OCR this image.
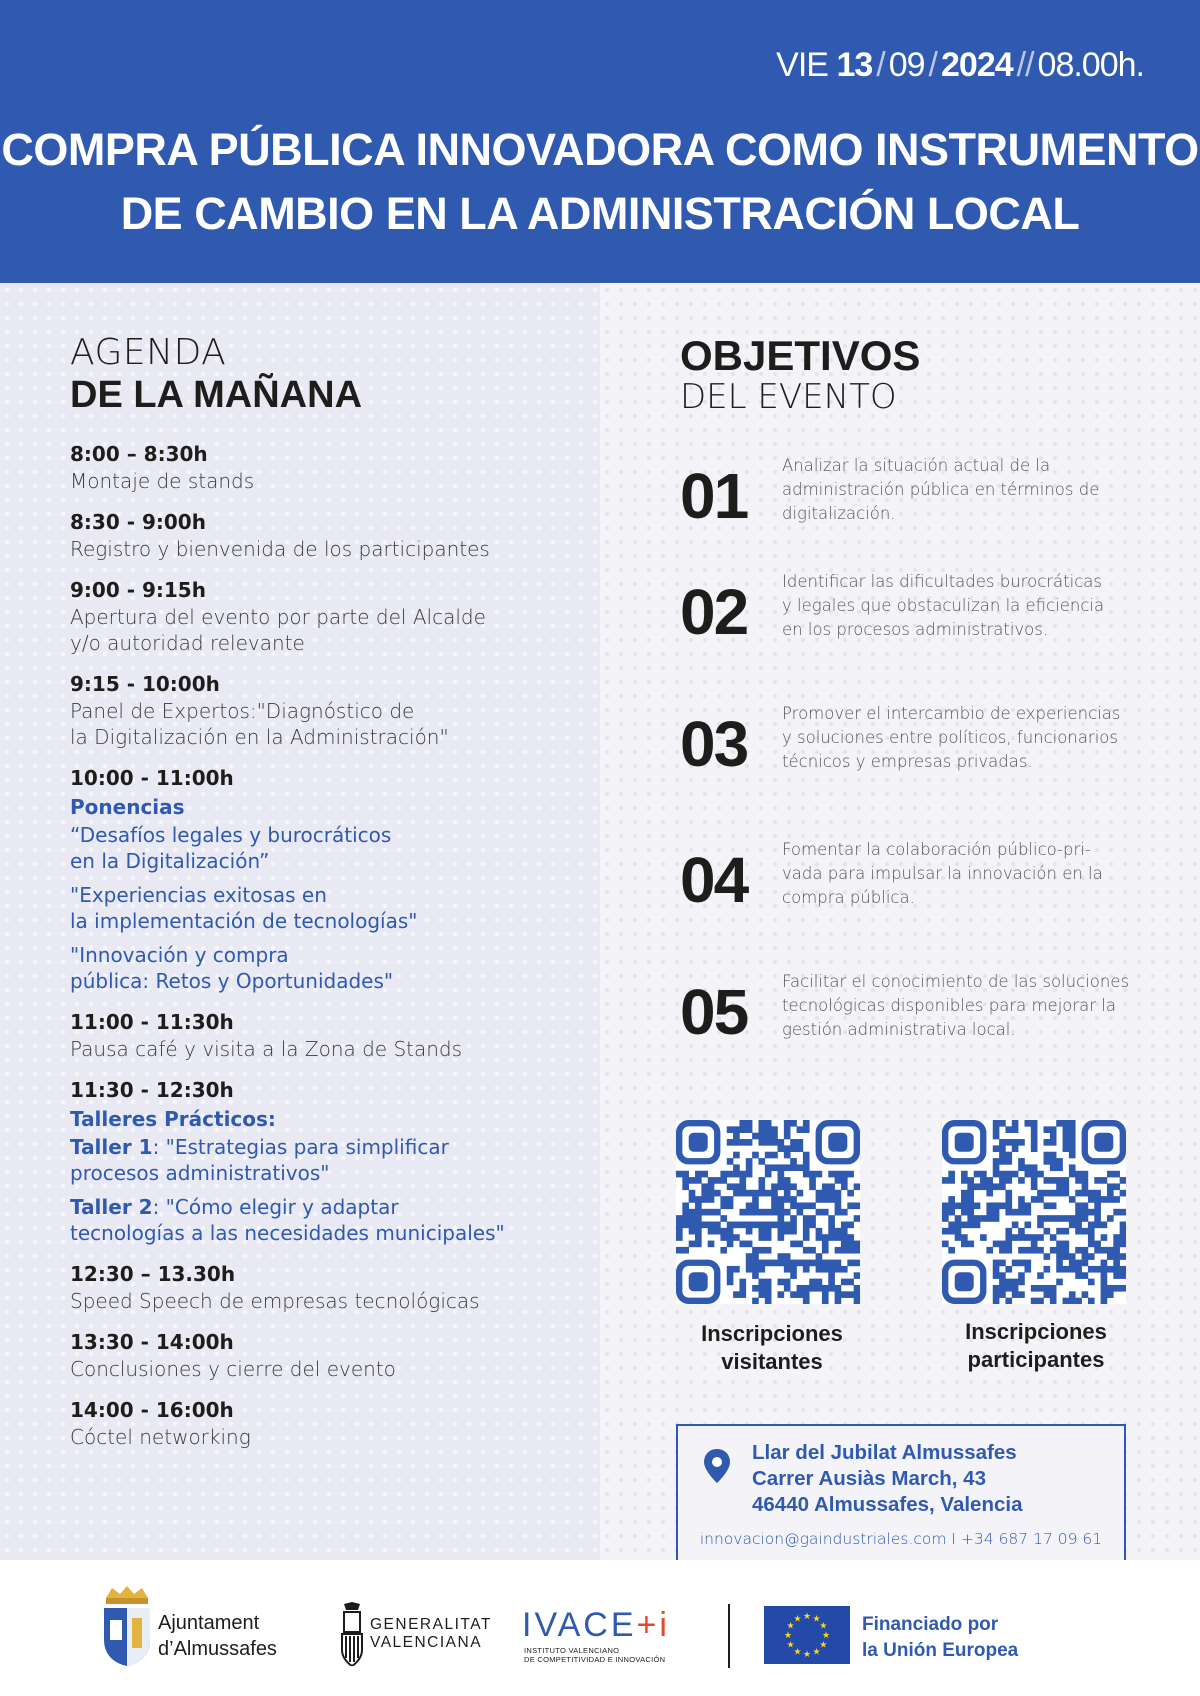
VIE 13 / 09 / 2024 // 08.00h.
COMPRA PÚBLICA INNOVADORA COMO INSTRUMENTO
DE CAMBIO EN LA ADMINISTRACIÓN LOCAL
AGENDA
DE LA MAÑANA
8:00 – 8:30h
Montaje de stands
8:30 - 9:00h
Registro y bienvenida de los participantes
9:00 - 9:15h
Apertura del evento por parte del Alcalde
y/o autoridad relevante
9:15 - 10:00h
Panel de Expertos:"Diagnóstico de
la Digitalización en la Administración"
10:00 - 11:00h
Ponencias
“Desafíos legales y burocráticos
en la Digitalización”
"Experiencias exitosas en
la implementación de tecnologías"
"Innovación y compra
pública: Retos y Oportunidades"
11:00 - 11:30h
Pausa café y visita a la Zona de Stands
11:30 - 12:30h
Talleres Prácticos:
Taller 1: "Estrategias para simplificar
procesos administrativos"
Taller 2: "Cómo elegir y adaptar
tecnologías a las necesidades municipales"
12:30 – 13.30h
Speed Speech de empresas tecnológicas
13:30 - 14:00h
Conclusiones y cierre del evento
14:00 - 16:00h
Cóctel networking
OBJETIVOS
DEL EVENTO
01 Analizar la situación actual de la
administración pública en términos de
digitalización.
02 Identificar las dificultades burocráticas
y legales que obstaculizan la eficiencia
en los procesos administrativos.
03 Promover el intercambio de experiencias
y soluciones entre políticos, funcionarios
técnicos y empresas privadas.
04 Fomentar la colaboración público-pri-
vada para impulsar la innovación en la
compra pública.
05 Facilitar el conocimiento de las soluciones
tecnológicas disponibles para mejorar la
gestión administrativa local.
Inscripciones
visitantes
Inscripciones
participantes
Llar del Jubilat Almussafes
Carrer Ausiàs March, 43
46440 Almussafes, Valencia
innovacion@gaindustriales.com I +34 687 17 09 61
Ajuntament
d’Almussafes
GENERALITAT
VALENCIANA IVACE+i
INSTITUTO VALENCIANO
DE COMPETITIVIDAD E INNOVACIÓN
★
★
★
★
★
★
★
★
★ ★ ★
★ Financiado por
la Unión Europea
